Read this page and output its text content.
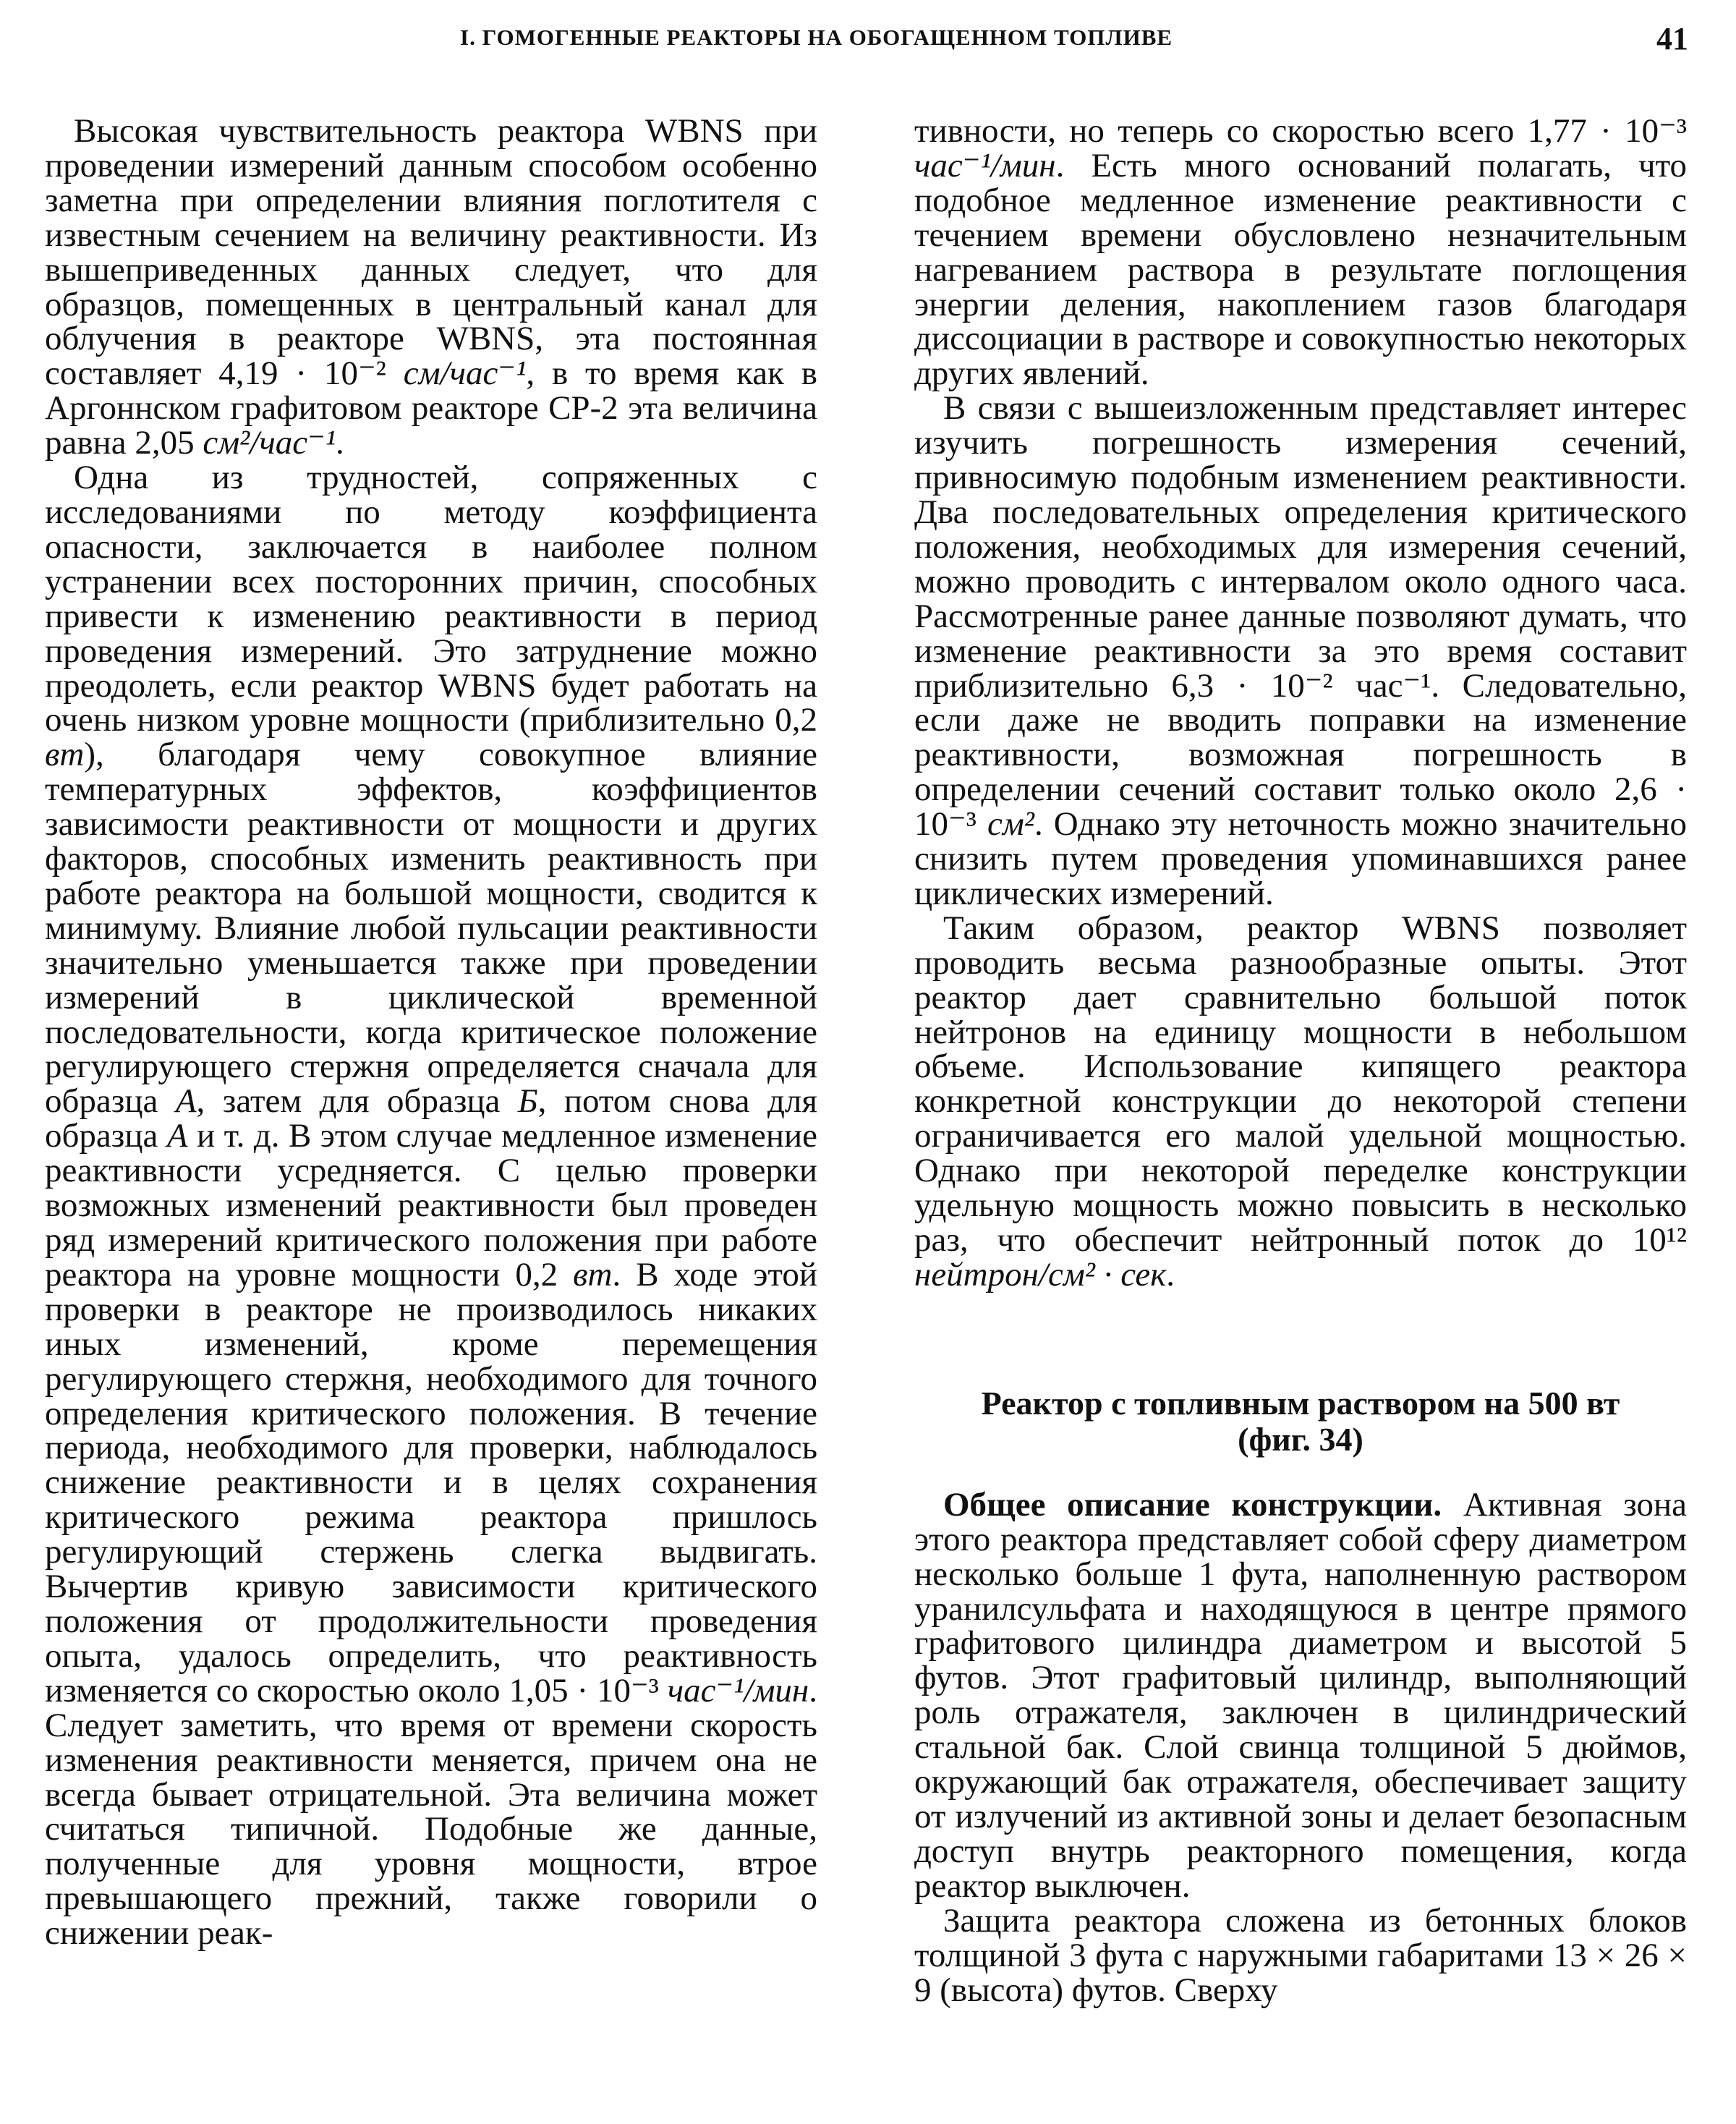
I. ГОМОГЕННЫЕ РЕАКТОРЫ НА ОБОГАЩЕННОМ ТОПЛИВЕ	41

Высокая чувствительность реактора WBNS при проведении измерений данным способом особенно заметна при определении влияния поглотителя с известным сечением на величину реактивности. Из вышеприведенных данных следует, что для образцов, помещенных в центральный канал для облучения в реакторе WBNS, эта постоянная составляет 4,19 · 10⁻² см/час⁻¹, в то время как в Аргоннском графитовом реакторе CP-2 эта величина равна 2,05 см²/час⁻¹.

Одна из трудностей, сопряженных с исследованиями по методу коэффициента опасности, заключается в наиболее полном устранении всех посторонних причин, способных привести к изменению реактивности в период проведения измерений. Это затруднение можно преодолеть, если реактор WBNS будет работать на очень низком уровне мощности (приблизительно 0,2 вт), благодаря чему совокупное влияние температурных эффектов, коэффициентов зависимости реактивности от мощности и других факторов, способных изменить реактивность при работе реактора на большой мощности, сводится к минимуму. Влияние любой пульсации реактивности значительно уменьшается также при проведении измерений в циклической временной последовательности, когда критическое положение регулирующего стержня определяется сначала для образца А, затем для образца Б, потом снова для образца А и т. д. В этом случае медленное изменение реактивности усредняется. С целью проверки возможных изменений реактивности был проведен ряд измерений критического положения при работе реактора на уровне мощности 0,2 вт. В ходе этой проверки в реакторе не производилось никаких иных изменений, кроме перемещения регулирующего стержня, необходимого для точного определения критического положения. В течение периода, необходимого для проверки, наблюдалось снижение реактивности и в целях сохранения критического режима реактора пришлось регулирующий стержень слегка выдвигать. Вычертив кривую зависимости критического положения от продолжительности проведения опыта, удалось определить, что реактивность изменяется со скоростью около 1,05 · 10⁻³ час⁻¹/мин. Следует заметить, что время от времени скорость изменения реактивности меняется, причем она не всегда бывает отрицательной. Эта величина может считаться типичной. Подобные же данные, полученные для уровня мощности, втрое превышающего прежний, также говорили о снижении реак-

тивности, но теперь со скоростью всего 1,77 · 10⁻³ час⁻¹/мин. Есть много оснований полагать, что подобное медленное изменение реактивности с течением времени обусловлено незначительным нагреванием раствора в результате поглощения энергии деления, накоплением газов благодаря диссоциации в растворе и совокупностью некоторых других явлений.

В связи с вышеизложенным представляет интерес изучить погрешность измерения сечений, привносимую подобным изменением реактивности. Два последовательных определения критического положения, необходимых для измерения сечений, можно проводить с интервалом около одного часа. Рассмотренные ранее данные позволяют думать, что изменение реактивности за это время составит приблизительно 6,3 · 10⁻² час⁻¹. Следовательно, если даже не вводить поправки на изменение реактивности, возможная погрешность в определении сечений составит только около 2,6 · 10⁻³ см². Однако эту неточность можно значительно снизить путем проведения упоминавшихся ранее циклических измерений.

Таким образом, реактор WBNS позволяет проводить весьма разнообразные опыты. Этот реактор дает сравнительно большой поток нейтронов на единицу мощности в небольшом объеме. Использование кипящего реактора конкретной конструкции до некоторой степени ограничивается его малой удельной мощностью. Однако при некоторой переделке конструкции удельную мощность можно повысить в несколько раз, что обеспечит нейтронный поток до 10¹² нейтрон/см² · сек.

Реактор с топливным раствором на 500 вт
(фиг. 34)

Общее описание конструкции. Активная зона этого реактора представляет собой сферу диаметром несколько больше 1 фута, наполненную раствором уранилсульфата и находящуюся в центре прямого графитового цилиндра диаметром и высотой 5 футов. Этот графитовый цилиндр, выполняющий роль отражателя, заключен в цилиндрический стальной бак. Слой свинца толщиной 5 дюймов, окружающий бак отражателя, обеспечивает защиту от излучений из активной зоны и делает безопасным доступ внутрь реакторного помещения, когда реактор выключен.

Защита реактора сложена из бетонных блоков толщиной 3 фута с наружными габаритами 13 × 26 × 9 (высота) футов. Сверху
